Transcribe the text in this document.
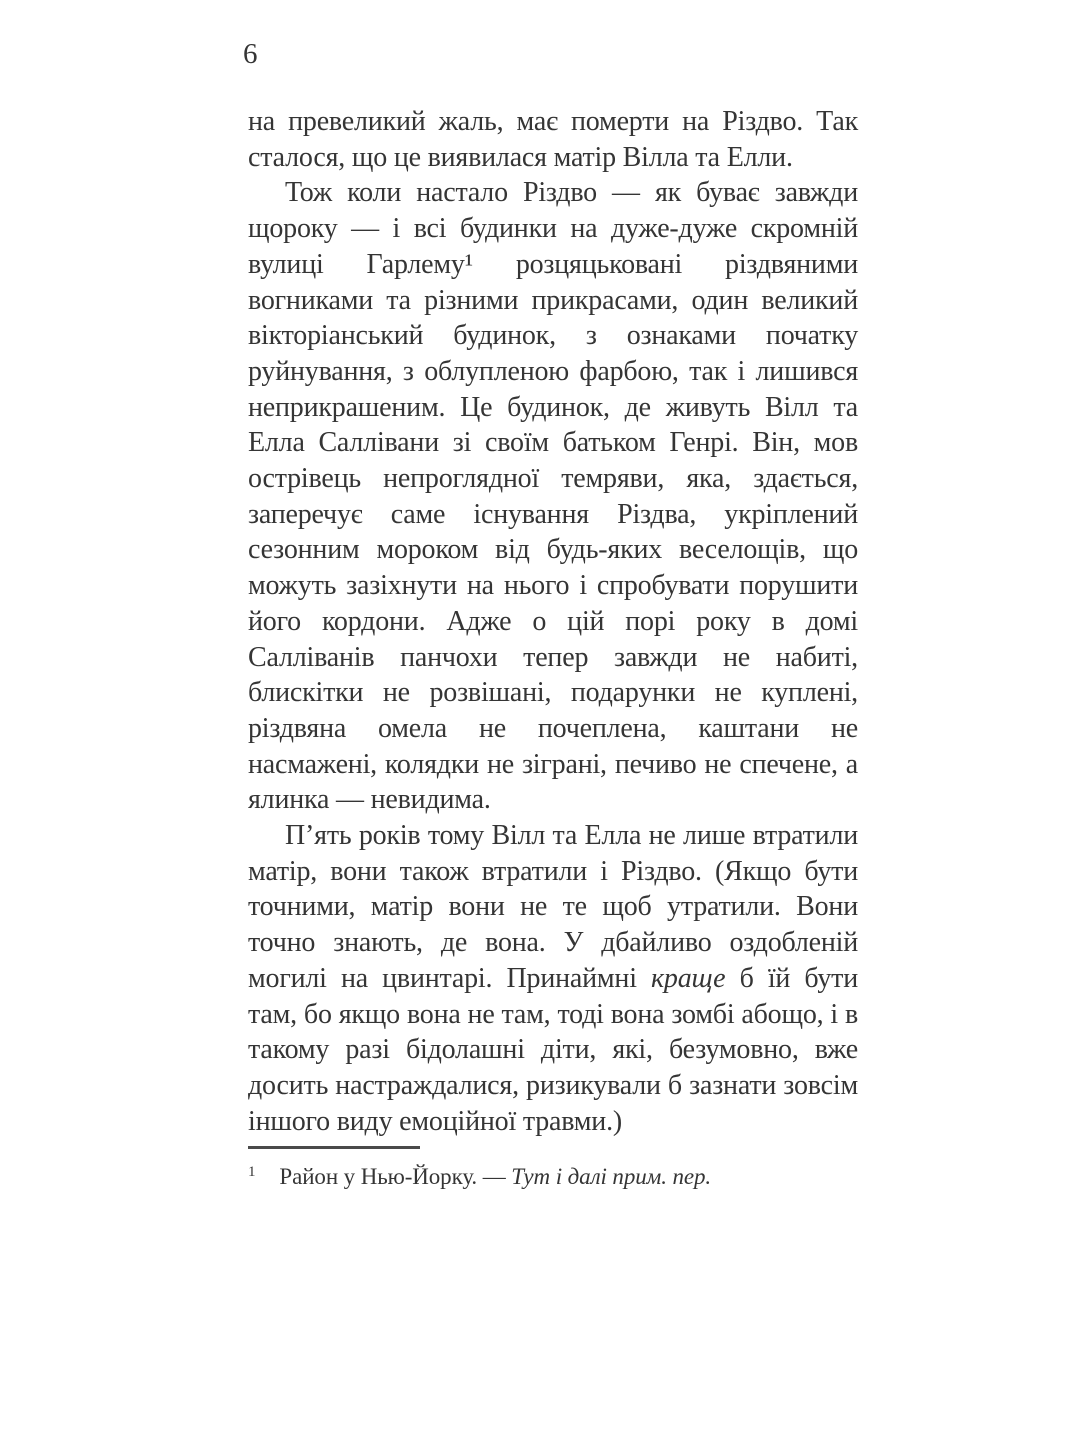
6

на превеликий жаль, має померти на Різдво. Так сталося, що це виявилася матір Вілла та Елли.

Тож коли настало Різдво — як буває завжди щороку — і всі будинки на дуже-дуже скромній вулиці Гарлему¹ розцяцьковані різдвяними вогниками та різними прикрасами, один великий вікторіанський будинок, з ознаками початку руйнування, з облупленою фарбою, так і лишився неприкрашеним. Це будинок, де живуть Вілл та Елла Саллівани зі своїм батьком Генрі. Він, мов острівець непроглядної темряви, яка, здається, заперечує саме існування Різдва, укріплений сезонним мороком від будь-яких веселощів, що можуть зазіхнути на нього і спробувати порушити його кордони. Адже о цій порі року в домі Салліванів панчохи тепер завжди не набиті, блискітки не розвішані, подарунки не куплені, різдвяна омела не почеплена, каштани не насмажені, колядки не зіграні, печиво не спечене, а ялинка — невидима.

П’ять років тому Вілл та Елла не лише втратили матір, вони також втратили і Різдво. (Якщо бути точними, матір вони не те щоб утратили. Вони точно знають, де вона. У дбайливо оздобленій могилі на цвинтарі. Принаймні краще б їй бути там, бо якщо вона не там, тоді вона зомбі абощо, і в такому разі бідолашні діти, які, безумовно, вже досить настраждалися, ризикували б зазнати зовсім іншого виду емоційної травми.)

1 Район у Нью-Йорку. — Тут і далі прим. пер.
